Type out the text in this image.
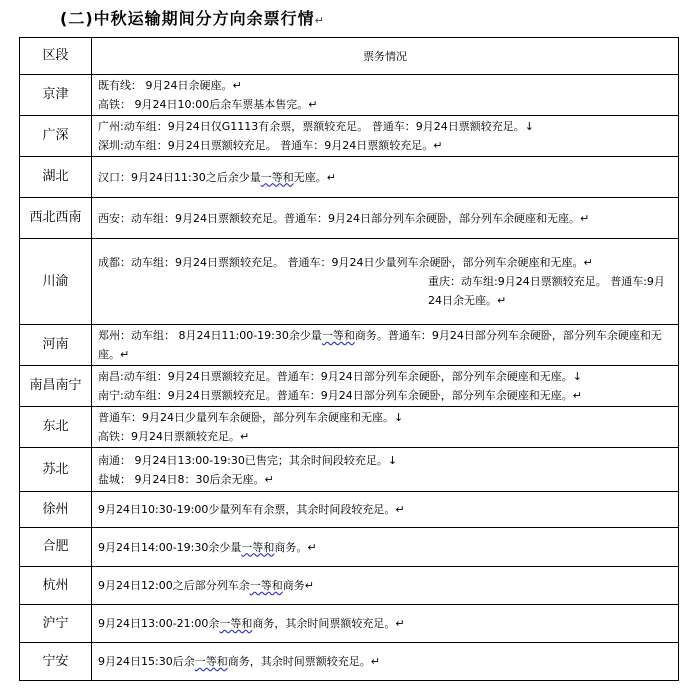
(二)中秋运输期间分方向余票行情↵
区段	票务情况
京津	既有线： 9月24日余硬座。↵
高铁： 9月24日10:00后余车票基本售完。↵

广深	广州:动车组：9月24日仅G1113有余票，票额较充足。 普通车：9月24日票额较充足。↓
深圳:动车组：9月24日票额较充足。 普通车：9月24日票额较充足。↵

湖北	汉口：9月24日11:30之后余少量一等和无座。↵

西北西南	西安：动车组：9月24日票额较充足。普通车：9月24日部分列车余硬卧，部分列车余硬座和无座。↵

川渝	成都：动车组：9月24日票额较充足。 普通车：9月24日少量列车余硬卧，部分列车余硬座和无座。↵
重庆：动车组:9月24日票额较充足。 普通车:9月24日余无座。↵

河南	郑州：动车组： 8月24日11:00-19:30余少量一等和商务。普通车：9月24日部分列车余硬卧，部分列车余硬座和无座。↵

南昌南宁	南昌:动车组：9月24日票额较充足。普通车：9月24日部分列车余硬卧，部分列车余硬座和无座。↓
南宁:动车组：9月24日票额较充足。普通车：9月24日部分列车余硬卧，部分列车余硬座和无座。↵

东北	普通车：9月24日少量列车余硬卧，部分列车余硬座和无座。↓
高铁：9月24日票额较充足。↵

苏北	南通： 9月24日13:00-19:30已售完；其余时间段较充足。↓
盐城： 9月24日8：30后余无座。↵

徐州	9月24日10:30-19:00少量列车有余票，其余时间段较充足。↵

合肥	9月24日14:00-19:30余少量一等和商务。↵

杭州	9月24日12:00之后部分列车余一等和商务↵

沪宁	9月24日13:00-21:00余一等和商务，其余时间票额较充足。↵

宁安	9月24日15:30后余一等和商务，其余时间票额较充足。↵
